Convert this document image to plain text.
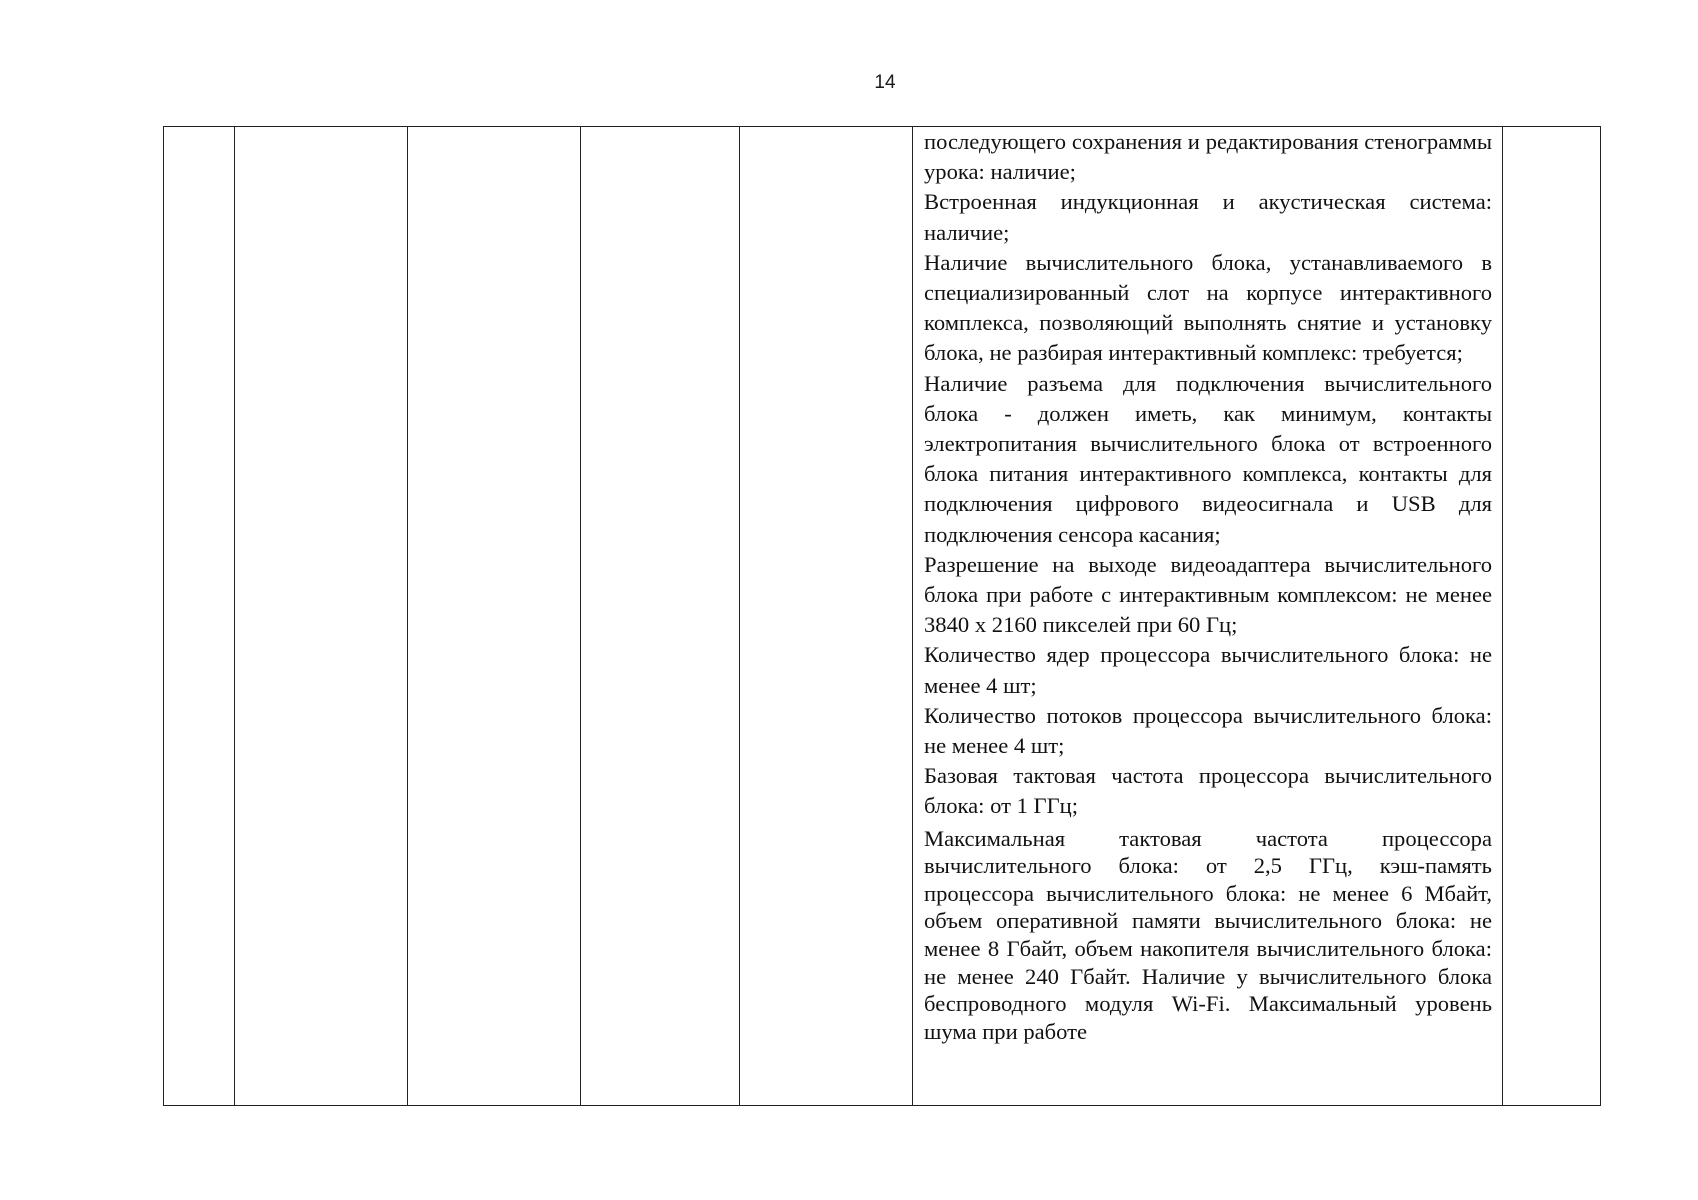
14

последующего сохранения и редактирования стенограммы урока: наличие;

Встроенная индукционная и акустическая система: наличие;

Наличие вычислительного блока, устанавливаемого в специализированный слот на корпусе интерактивного комплекса, позволяющий выполнять снятие и установку блока, не разбирая интерактивный комплекс: требуется;

Наличие разъема для подключения вычислительного блока - должен иметь, как минимум, контакты электропитания вычислительного блока от встроенного блока питания интерактивного комплекса, контакты для подключения цифрового видеосигнала и USB для подключения сенсора касания;

Разрешение на выходе видеоадаптера вычислительного блока при работе с интерактивным комплексом: не менее 3840 х 2160 пикселей при 60 Гц;

Количество ядер процессора вычислительного блока: не менее 4 шт;

Количество потоков процессора вычислительного блока: не менее 4 шт;

Базовая тактовая частота процессора вычислительного блока: от 1 ГГц;

Максимальная тактовая частота процессора вычислительного блока: от 2,5 ГГц, кэш-память процессора вычислительного блока: не менее 6 Мбайт, объем оперативной памяти вычислительного блока: не менее 8 Гбайт, объем накопителя вычислительного блока: не менее 240 Гбайт. Наличие у вычислительного блока беспроводного модуля Wi-Fi. Максимальный уровень шума при работе
